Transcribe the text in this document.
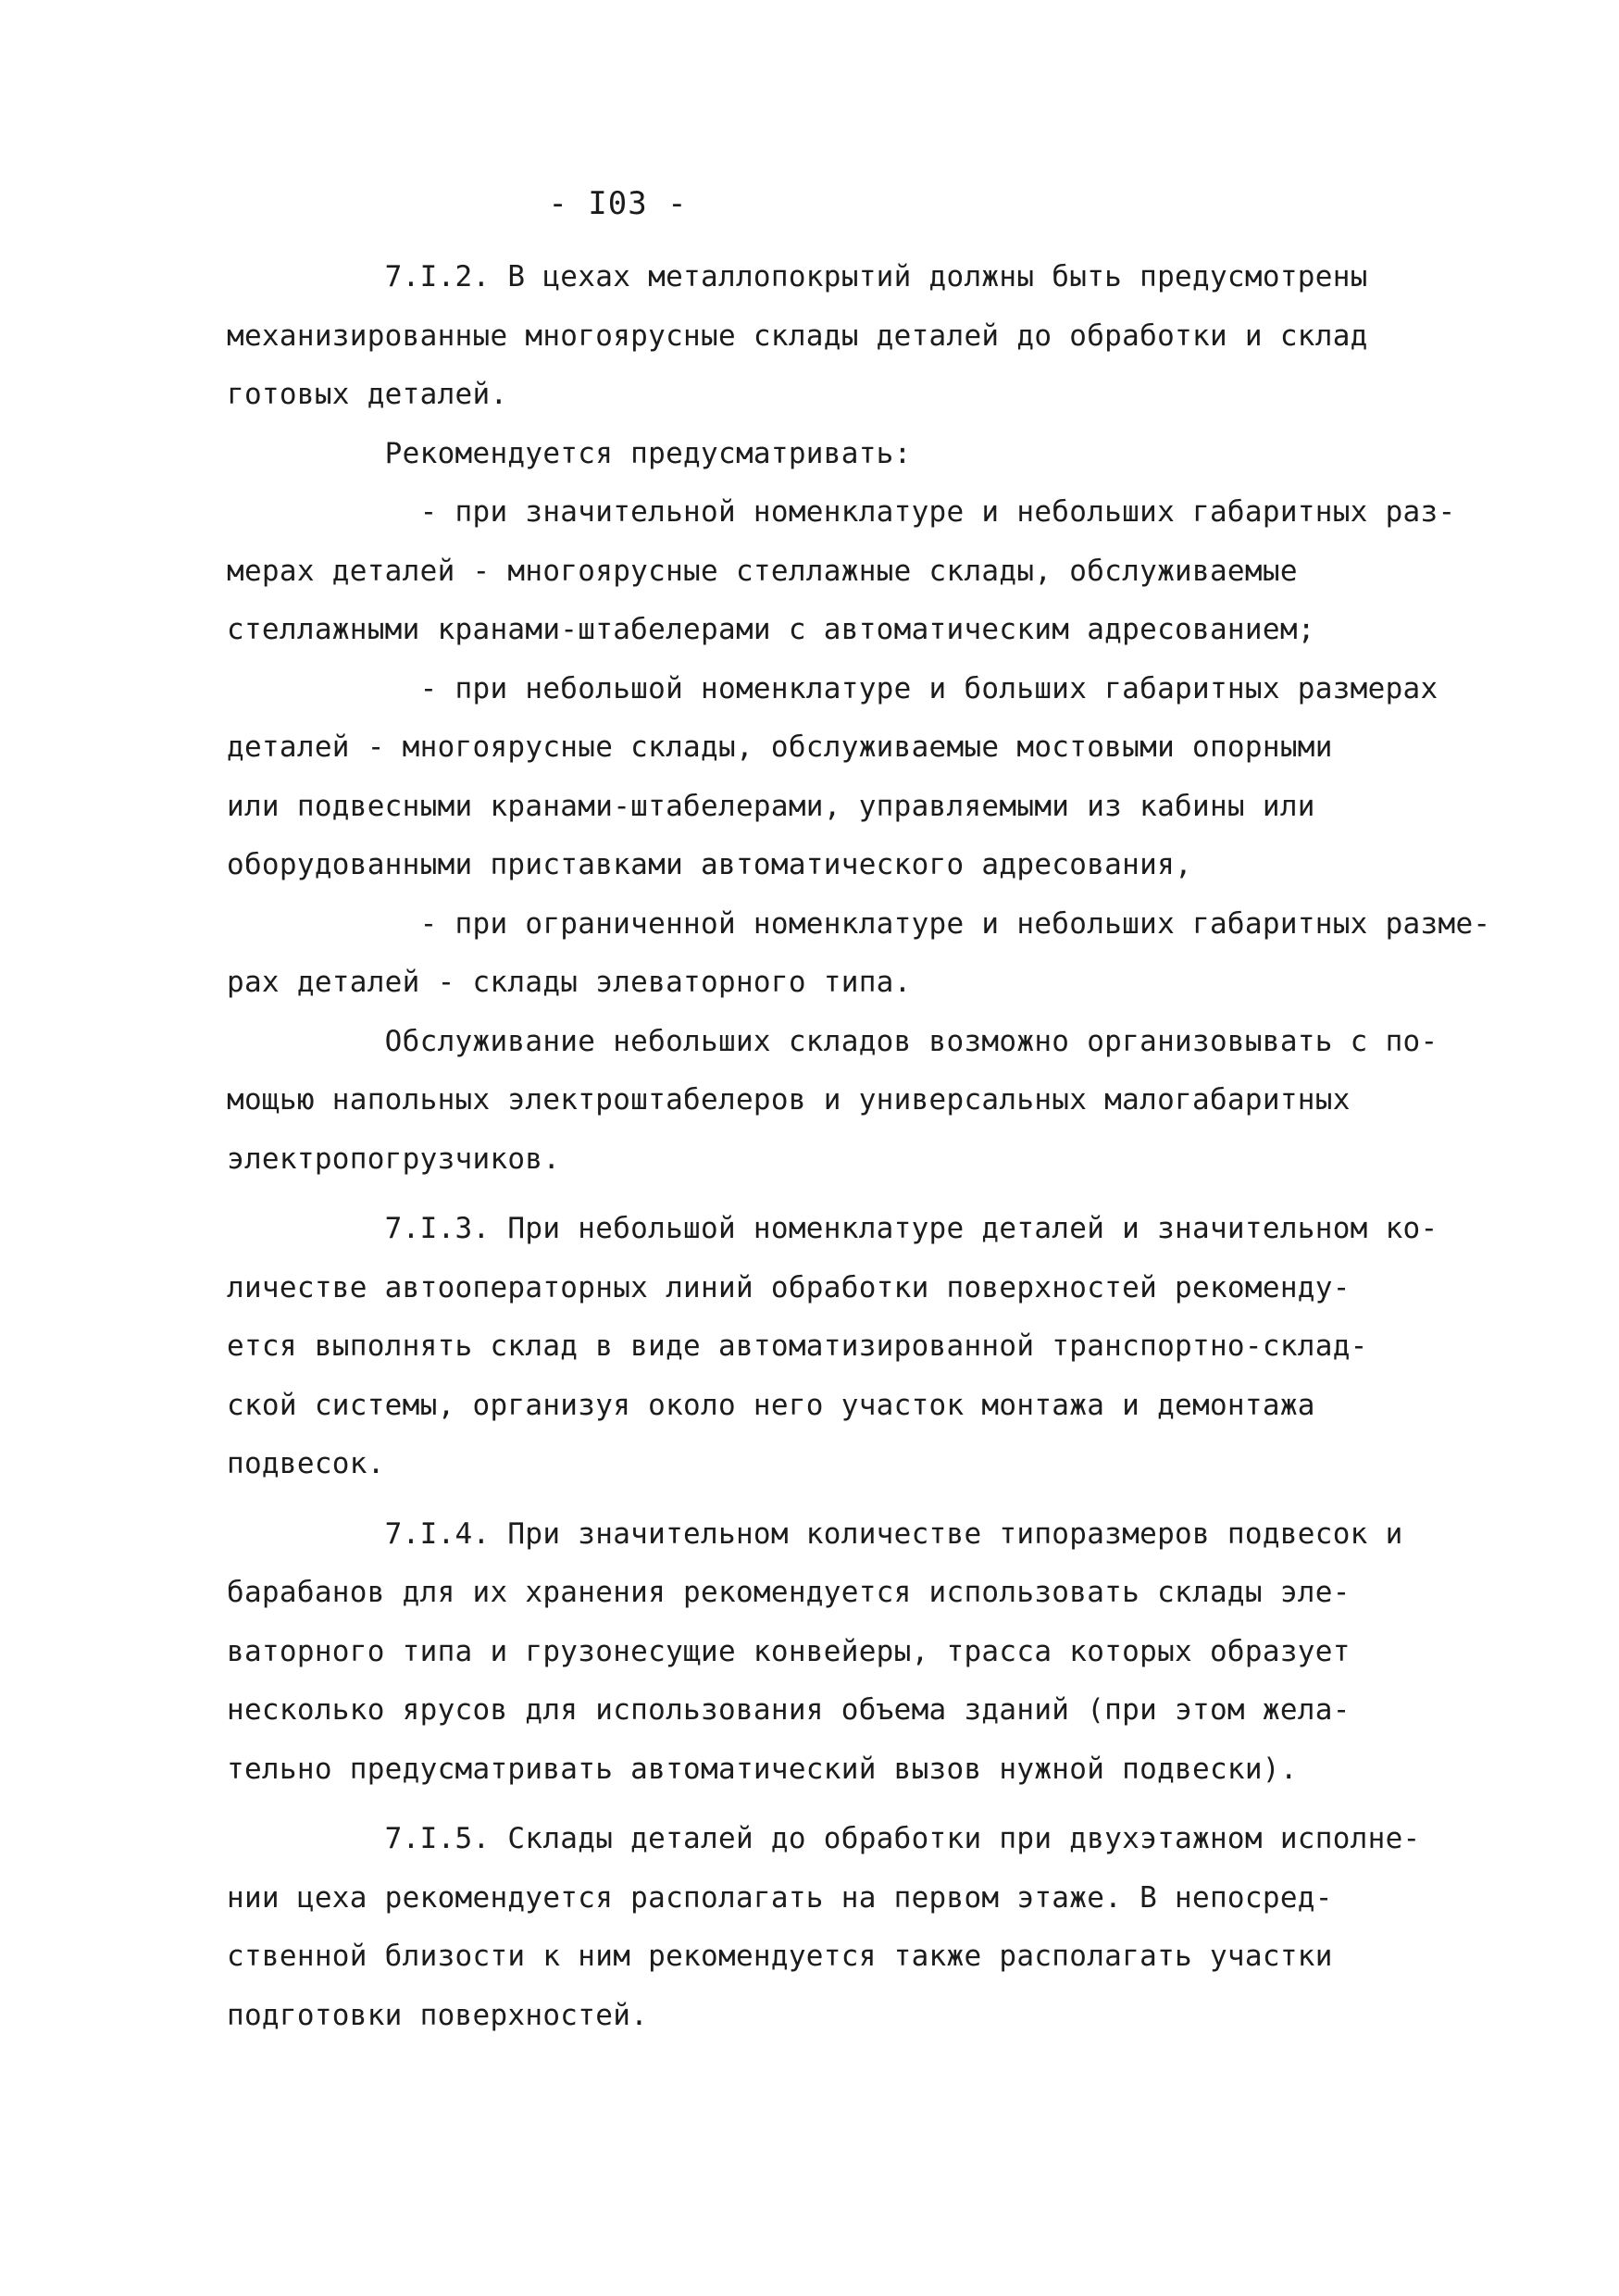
- I03 -
7.I.2. В цехах металлопокрытий должны быть предусмотрены
механизированные многоярусные склады деталей до обработки и склад
готовых деталей.
Рекомендуется предусматривать:
- при значительной номенклатуре и небольших габаритных раз-
мерах деталей - многоярусные стеллажные склады, обслуживаемые
стеллажными кранами-штабелерами с автоматическим адресованием;
- при небольшой номенклатуре и больших габаритных размерах
деталей - многоярусные склады, обслуживаемые мостовыми опорными
или подвесными кранами-штабелерами, управляемыми из кабины или
оборудованными приставками автоматического адресования,
- при ограниченной номенклатуре и небольших габаритных разме-
рах деталей - склады элеваторного типа.
Обслуживание небольших складов возможно организовывать с по-
мощью напольных электроштабелеров и универсальных малогабаритных
электропогрузчиков.
7.I.3. При небольшой номенклатуре деталей и значительном ко-
личестве автооператорных линий обработки поверхностей рекоменду-
ется выполнять склад в виде автоматизированной транспортно-склад-
ской системы, организуя около него участок монтажа и демонтажа
подвесок.
7.I.4. При значительном количестве типоразмеров подвесок и
барабанов для их хранения рекомендуется использовать склады эле-
ваторного типа и грузонесущие конвейеры, трасса которых образует
несколько ярусов для использования объема зданий (при этом жела-
тельно предусматривать автоматический вызов нужной подвески).
7.I.5. Склады деталей до обработки при двухэтажном исполне-
нии цеха рекомендуется располагать на первом этаже. В непосред-
ственной близости к ним рекомендуется также располагать участки
подготовки поверхностей.
